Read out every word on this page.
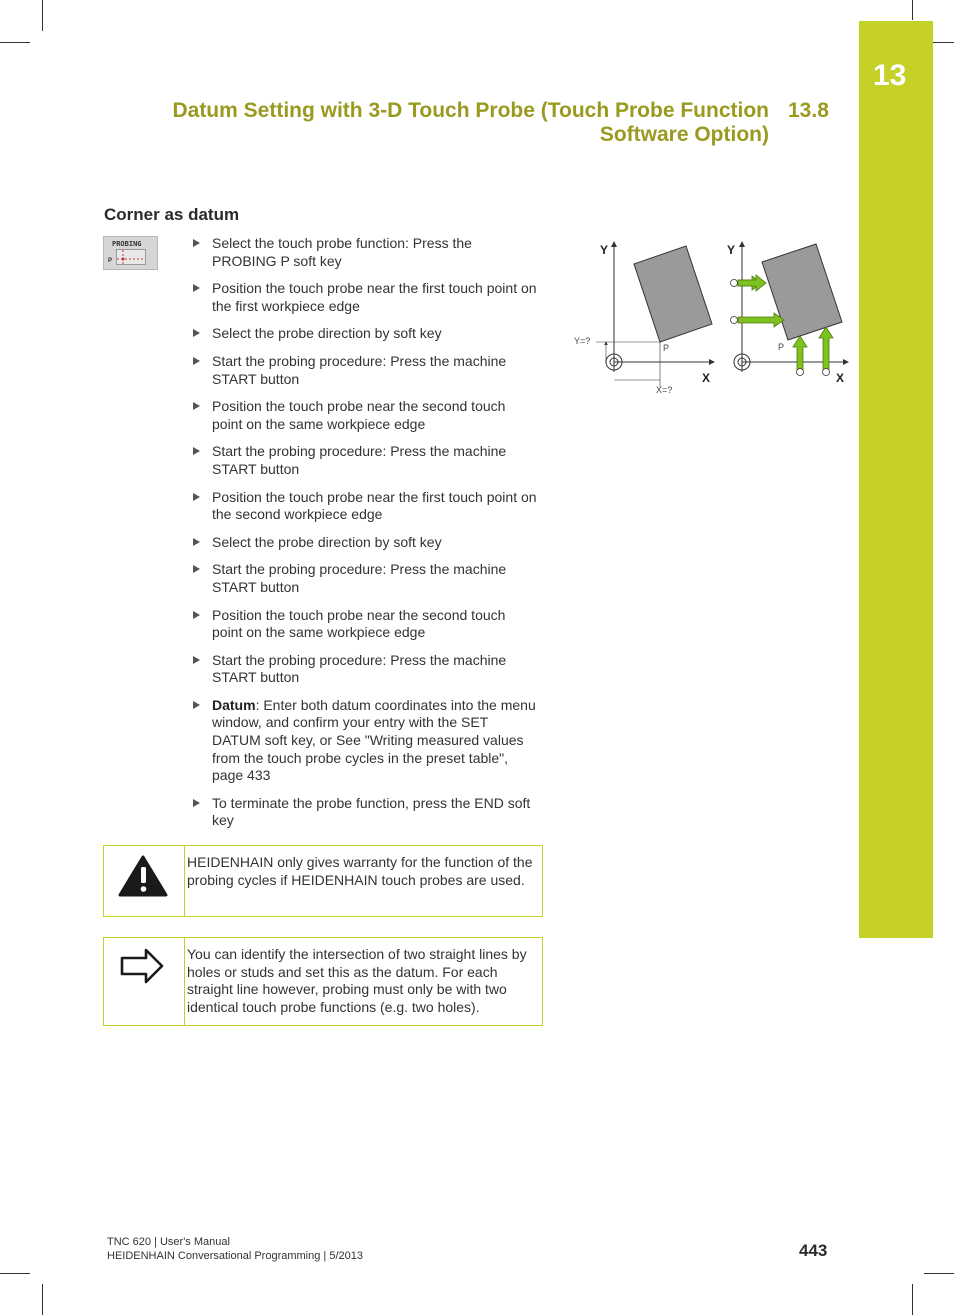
13
Datum Setting with 3-D Touch Probe (Touch Probe Function 13.8
Software Option)
Corner as datum
PROBING
P
Select the touch probe function: Press the PROBING P soft key
Position the touch probe near the first touch point on the first workpiece edge
Select the probe direction by soft key
Start the probing procedure: Press the machine START button
Position the touch probe near the second touch point on the same workpiece edge
Start the probing procedure: Press the machine START button
Position the touch probe near the first touch point on the second workpiece edge
Select the probe direction by soft key
Start the probing procedure: Press the machine START button
Position the touch probe near the second touch point on the same workpiece edge
Start the probing procedure: Press the machine START button
Datum: Enter both datum coordinates into the menu window, and confirm your entry with the SET DATUM soft key, or See "Writing measured values from the touch probe cycles in the preset table", page 433
To terminate the probe function, press the END soft key
HEIDENHAIN only gives warranty for the function of the probing cycles if HEIDENHAIN touch probes are used.
You can identify the intersection of two straight lines by holes or studs and set this as the datum. For each straight line however, probing must only be with two identical touch probe functions (e.g. two holes).
Y
X
Y=?
X=?
P
Y
X
P
TNC 620 | User's Manual
HEIDENHAIN Conversational Programming | 5/2013	443
